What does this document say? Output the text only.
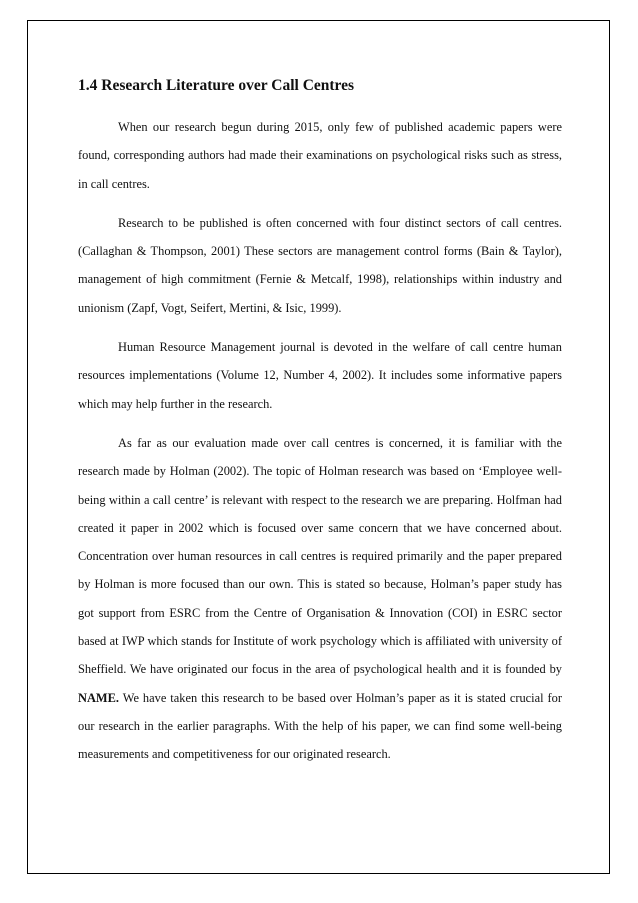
1.4 Research Literature over Call Centres

When our research begun during 2015, only few of published academic papers were found, corresponding authors had made their examinations on psychological risks such as stress, in call centres.

Research to be published is often concerned with four distinct sectors of call centres. (Callaghan & Thompson, 2001) These sectors are management control forms (Bain & Taylor), management of high commitment (Fernie & Metcalf, 1998), relationships within industry and unionism (Zapf, Vogt, Seifert, Mertini, & Isic, 1999).

Human Resource Management journal is devoted in the welfare of call centre human resources implementations (Volume 12, Number 4, 2002). It includes some informative papers which may help further in the research.

As far as our evaluation made over call centres is concerned, it is familiar with the research made by Holman (2002). The topic of Holman research was based on ‘Employee well-being within a call centre’ is relevant with respect to the research we are preparing. Holfman had created it paper in 2002 which is focused over same concern that we have concerned about. Concentration over human resources in call centres is required primarily and the paper prepared by Holman is more focused than our own. This is stated so because, Holman’s paper study has got support from ESRC from the Centre of Organisation & Innovation (COI) in ESRC sector based at IWP which stands for Institute of work psychology which is affiliated with university of Sheffield. We have originated our focus in the area of psychological health and it is founded by NAME. We have taken this research to be based over Holman’s paper as it is stated crucial for our research in the earlier paragraphs. With the help of his paper, we can find some well-being measurements and competitiveness for our originated research.
